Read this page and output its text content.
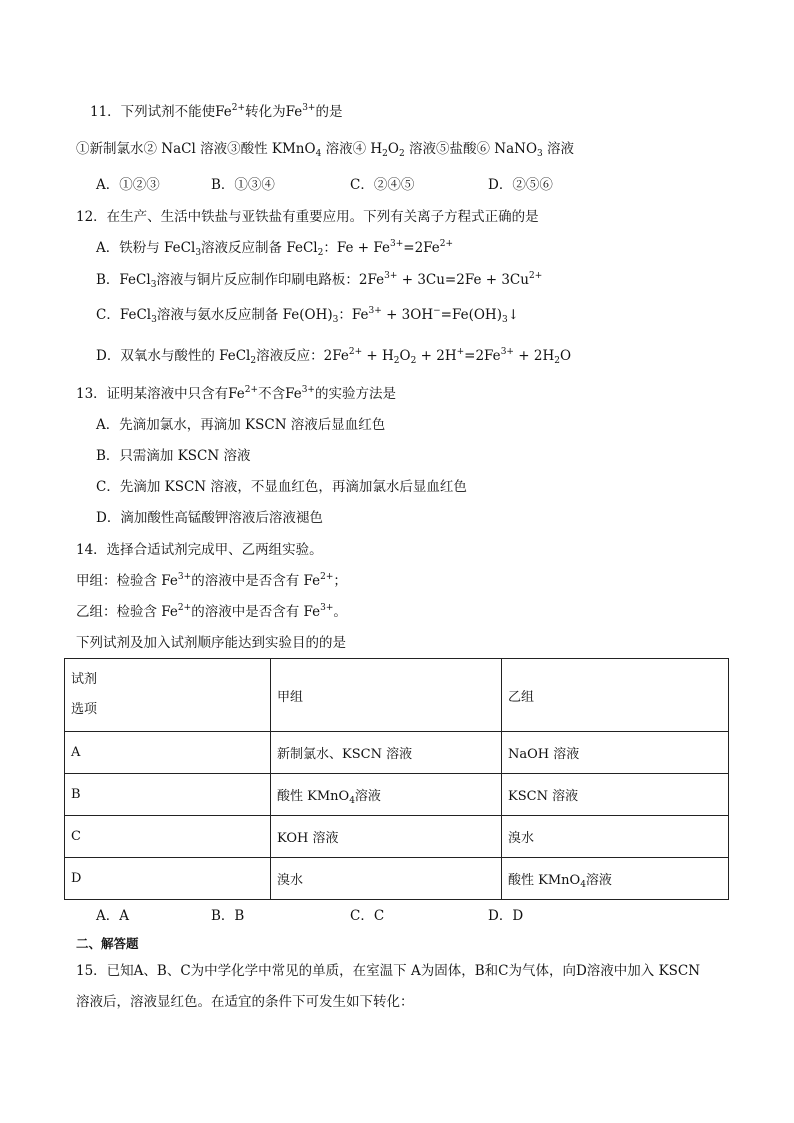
11．下列试剂不能使$Fe^{2+}$转化为$Fe^{3+}$的是
①新制氯水② NaCl 溶液③酸性 KMnO$_4$ 溶液④ $H_2O_2$ 溶液⑤盐酸⑥ NaNO$_3$ 溶液
A．①②③	B．①③④	C．②④⑤	D．②⑤⑥
12．在生产、生活中铁盐与亚铁盐有重要应用。下列有关离子方程式正确的是
A．铁粉与 FeCl$_3$溶液反应制备 FeCl$_2$：$Fe + Fe^{3+}=2Fe^{2+}$
B．FeCl$_3$溶液与铜片反应制作印刷电路板：$2Fe^{3+} + 3Cu=2Fe + 3Cu^{2+}$
C．FeCl$_3$溶液与氨水反应制备 $Fe(OH)_3$：$Fe^{3+}$ + $3OH^-=Fe(OH)_3↓$
D．双氧水与酸性的 FeCl$_2$溶液反应：$2Fe^{2+} + H_2O_2 + 2H^+=2Fe^{3+} + 2H_2O$
13．证明某溶液中只含有$Fe^{2+}$不含$Fe^{3+}$的实验方法是
A．先滴加氯水，再滴加 KSCN 溶液后显血红色
B．只需滴加 KSCN 溶液
C．先滴加 KSCN 溶液，不显血红色，再滴加氯水后显血红色
D．滴加酸性高锰酸钾溶液后溶液褪色
14．选择合适试剂完成甲、乙两组实验。
甲组：检验含 $Fe^{3+}$的溶液中是否含有 $Fe^{2+}$；
乙组：检验含 $Fe^{2+}$的溶液中是否含有 $Fe^{3+}$。
下列试剂及加入试剂顺序能达到实验目的的是
试剂
选项	甲组	乙组
A	新制氯水、KSCN 溶液	NaOH 溶液
B	酸性 KMnO$_4$溶液	KSCN 溶液
C	KOH 溶液	溴水
D	溴水	酸性 KMnO$_4$溶液
A．A	B．B	C．C	D．D
二、解答题
15．已知A、B、C为中学化学中常见的单质，在室温下 A为固体，B和C为气体，向D溶液中加入 KSCN
溶液后，溶液显红色。在适宜的条件下可发生如下转化：
